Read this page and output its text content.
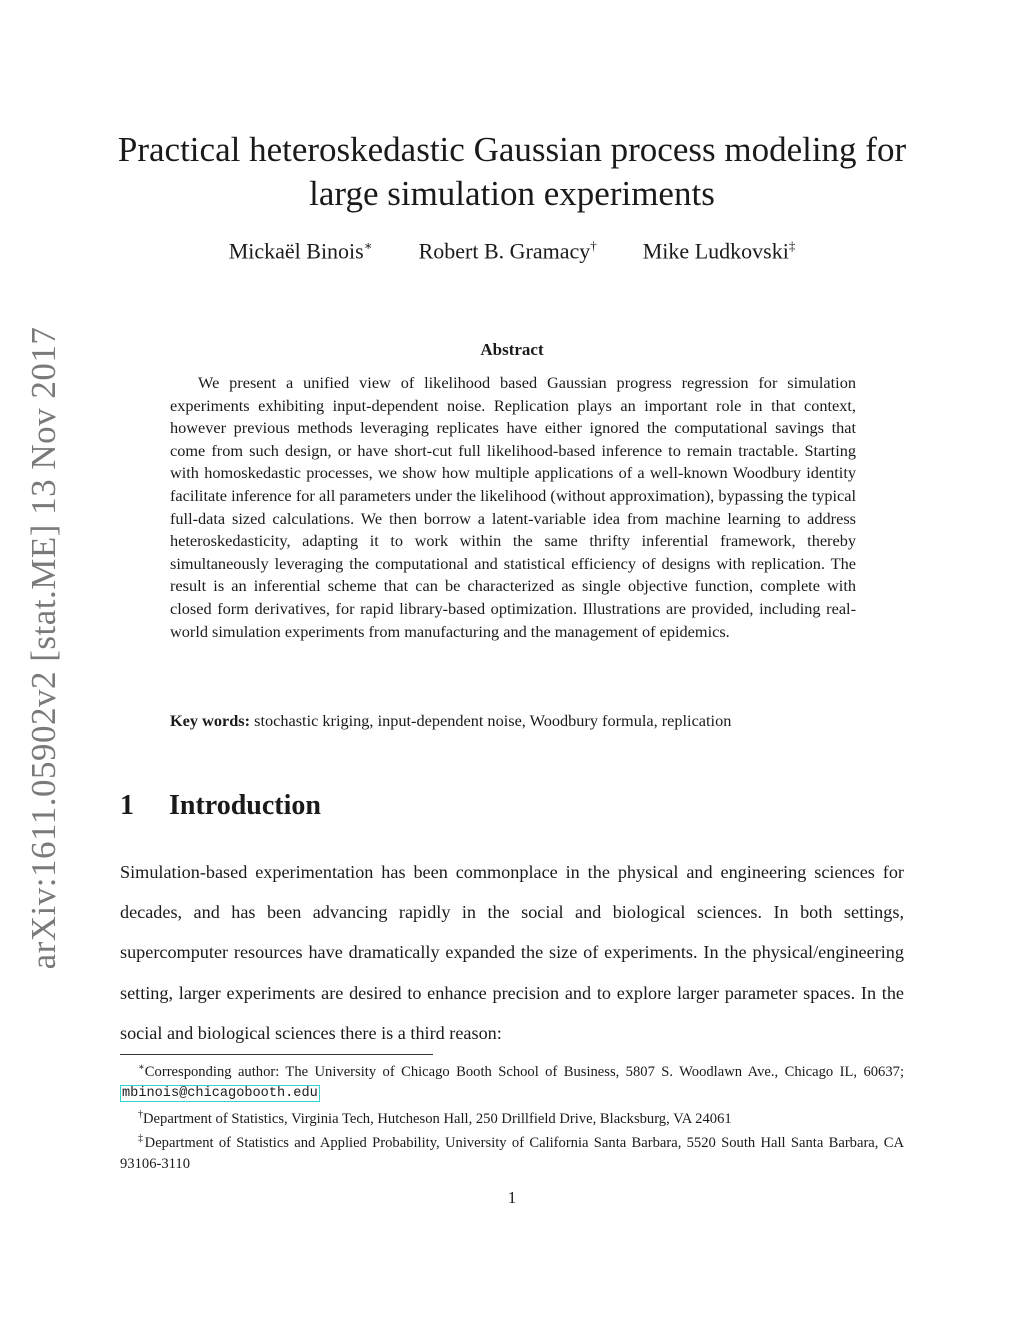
arXiv:1611.05902v2 [stat.ME] 13 Nov 2017
Practical heteroskedastic Gaussian process modeling for
large simulation experiments
Mickaël Binois∗ Robert B. Gramacy† Mike Ludkovski‡
Abstract

We present a unified view of likelihood based Gaussian progress regression for simulation experiments exhibiting input-dependent noise. Replication plays an important role in that context, however previous methods leveraging replicates have either ignored the computational savings that come from such design, or have short-cut full likelihood-based inference to remain tractable. Starting with homoskedastic processes, we show how multiple applications of a well-known Woodbury identity facilitate inference for all parameters under the likelihood (without approximation), bypassing the typical full-data sized calculations. We then borrow a latent-variable idea from machine learning to address heteroskedasticity, adapting it to work within the same thrifty inferential framework, thereby simultaneously leveraging the computational and statistical efficiency of designs with replication. The result is an inferential scheme that can be characterized as single objective function, complete with closed form derivatives, for rapid library-based optimization. Illustrations are provided, including real-world simulation experiments from manufacturing and the management of epidemics.

Key words: stochastic kriging, input-dependent noise, Woodbury formula, replication

1 Introduction

Simulation-based experimentation has been commonplace in the physical and engineering sciences for decades, and has been advancing rapidly in the social and biological sciences. In both settings, supercomputer resources have dramatically expanded the size of experiments. In the physical/engineering setting, larger experiments are desired to enhance precision and to explore larger parameter spaces. In the social and biological sciences there is a third reason:

∗Corresponding author: The University of Chicago Booth School of Business, 5807 S. Woodlawn Ave., Chicago IL, 60637; mbinois@chicagobooth.edu

†Department of Statistics, Virginia Tech, Hutcheson Hall, 250 Drillfield Drive, Blacksburg, VA 24061

‡Department of Statistics and Applied Probability, University of California Santa Barbara, 5520 South Hall Santa Barbara, CA 93106-3110

1
